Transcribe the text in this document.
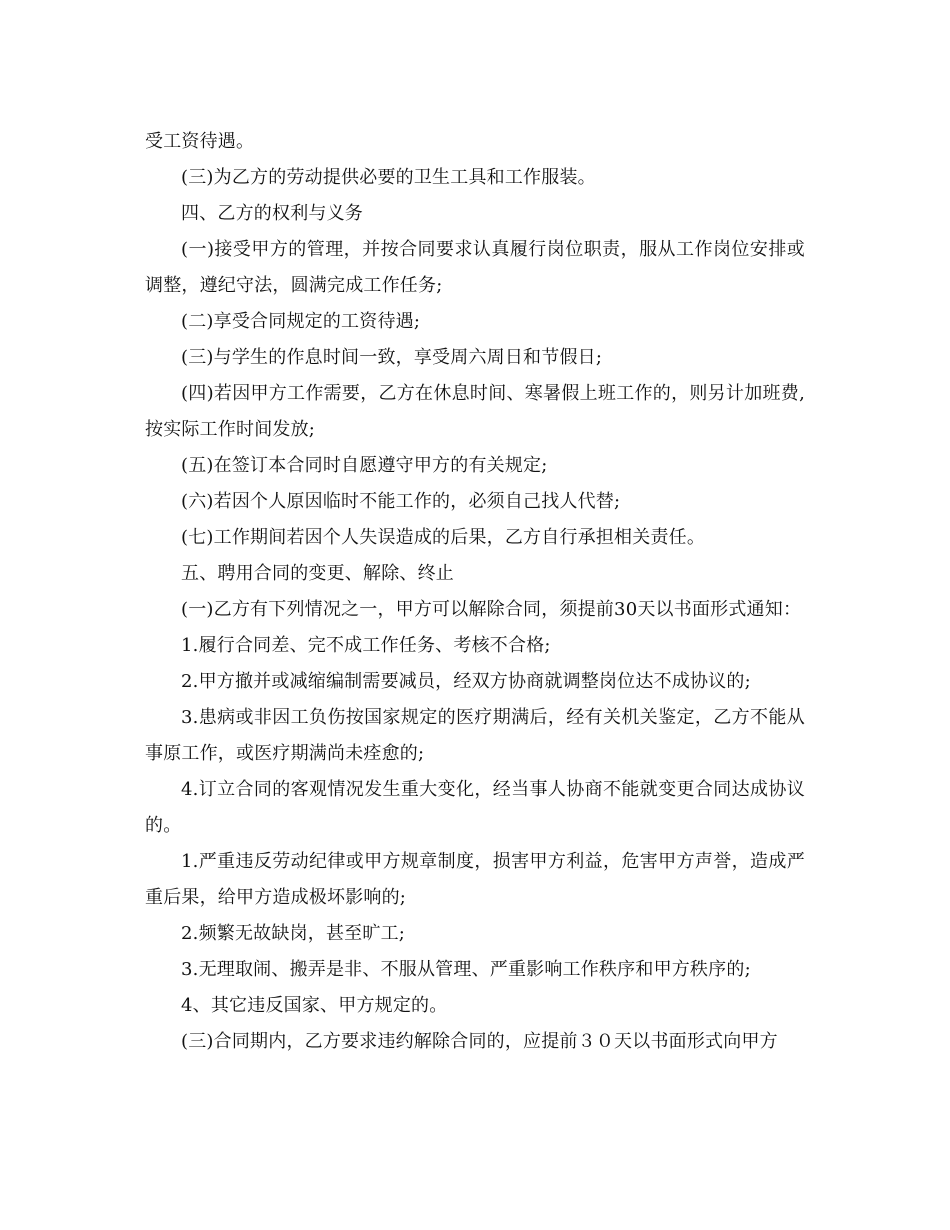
受工资待遇。

(三)为乙方的劳动提供必要的卫生工具和工作服装。

四、乙方的权利与义务

(一)接受甲方的管理，并按合同要求认真履行岗位职责，服从工作岗位安排或调整，遵纪守法，圆满完成工作任务;

(二)享受合同规定的工资待遇;

(三)与学生的作息时间一致，享受周六周日和节假日;

(四)若因甲方工作需要，乙方在休息时间、寒暑假上班工作的，则另计加班费,按实际工作时间发放;

(五)在签订本合同时自愿遵守甲方的有关规定;

(六)若因个人原因临时不能工作的，必须自己找人代替;

(七)工作期间若因个人失误造成的后果，乙方自行承担相关责任。

五、聘用合同的变更、解除、终止

(一)乙方有下列情况之一，甲方可以解除合同，须提前30天以书面形式通知：

1.履行合同差、完不成工作任务、考核不合格;

2.甲方撤并或减缩编制需要减员，经双方协商就调整岗位达不成协议的;

3.患病或非因工负伤按国家规定的医疗期满后，经有关机关鉴定，乙方不能从事原工作，或医疗期满尚未痊愈的;

4.订立合同的客观情况发生重大变化，经当事人协商不能就变更合同达成协议的。

1.严重违反劳动纪律或甲方规章制度，损害甲方利益，危害甲方声誉，造成严重后果，给甲方造成极坏影响的;

2.频繁无故缺岗，甚至旷工;

3.无理取闹、搬弄是非、不服从管理、严重影响工作秩序和甲方秩序的;

4、其它违反国家、甲方规定的。

(三)合同期内，乙方要求违约解除合同的，应提前３０天以书面形式向甲方
